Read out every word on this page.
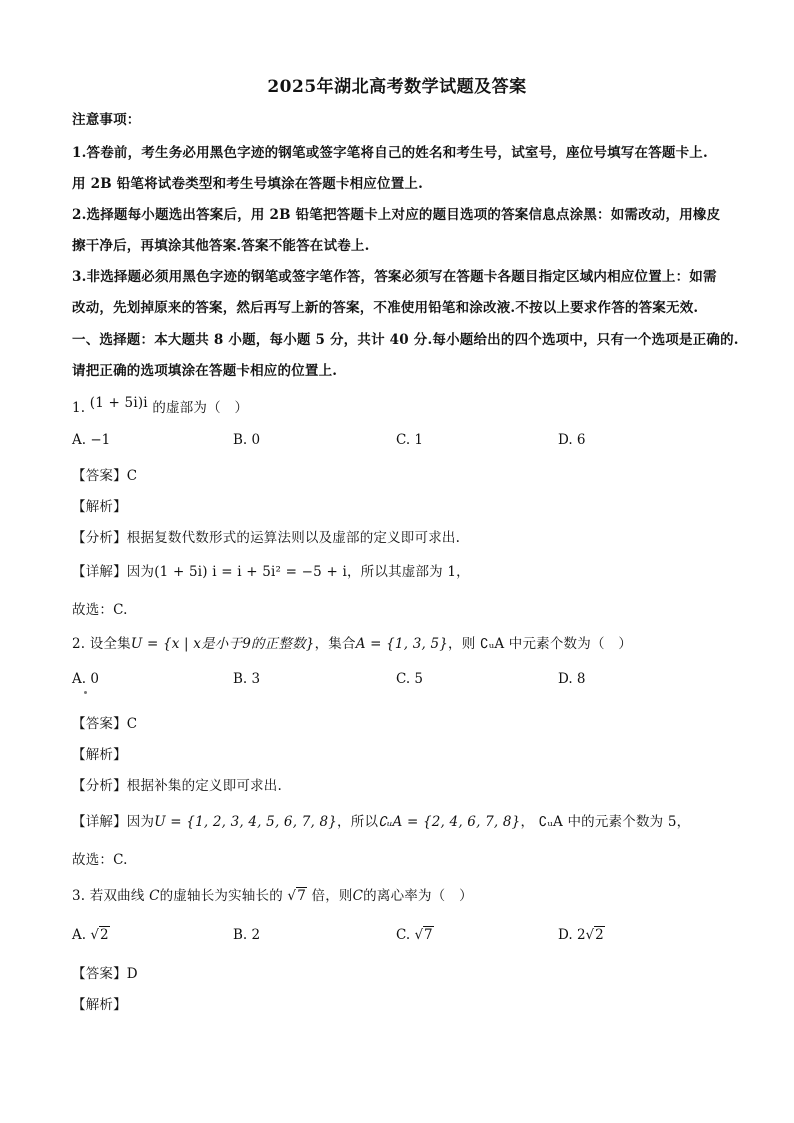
2025年湖北高考数学试题及答案
注意事项：
1.答卷前，考生务必用黑色字迹的钢笔或签字笔将自己的姓名和考生号，试室号，座位号填写在答题卡上.
用 2B 铅笔将试卷类型和考生号填涂在答题卡相应位置上.
2.选择题每小题选出答案后，用 2B 铅笔把答题卡上对应的题目选项的答案信息点涂黑：如需改动，用橡皮
擦干净后，再填涂其他答案.答案不能答在试卷上.
3.非选择题必须用黑色字迹的钢笔或签字笔作答，答案必须写在答题卡各题目指定区域内相应位置上：如需
改动，先划掉原来的答案，然后再写上新的答案，不准使用铅笔和涂改液.不按以上要求作答的答案无效.
一、选择题：本大题共 8 小题，每小题 5 分，共计 40 分.每小题给出的四个选项中，只有一个选项是正确的.
请把正确的选项填涂在答题卡相应的位置上.
1. (1 + 5i)i 的虚部为（　）
A. −1	B. 0	C. 1	D. 6
【答案】C
【解析】
【分析】根据复数代数形式的运算法则以及虚部的定义即可求出.
【详解】因为(1 + 5i) i = i + 5i² = −5 + i，所以其虚部为 1，
故选：C.
2. 设全集U = {x | x是小于9的正整数}，集合A = {1, 3, 5}，则 ∁ᵤA 中元素个数为（　）
A. 0	B. 3	C. 5	D. 8
【答案】C
【解析】
【分析】根据补集的定义即可求出.
【详解】因为U = {1, 2, 3, 4, 5, 6, 7, 8}，所以∁ᵤA = {2, 4, 6, 7, 8}， ∁ᵤA 中的元素个数为 5，
故选：C.
3. 若双曲线 C的虚轴长为实轴长的 √7 倍，则C的离心率为（　）
A. √2	B. 2	C. √7	D. 2√2
【答案】D
【解析】
